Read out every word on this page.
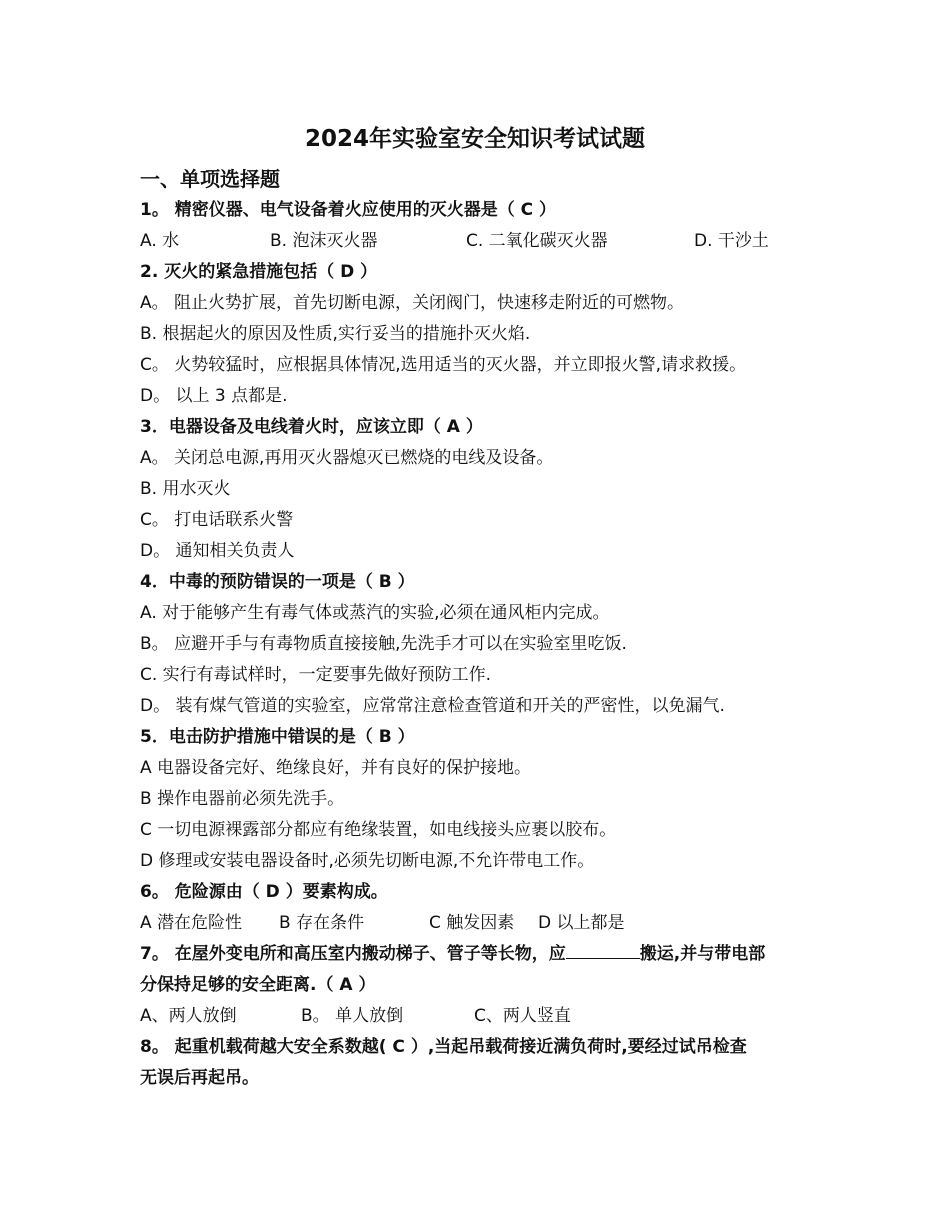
2024年实验室安全知识考试试题
一、单项选择题
1。 精密仪器、电气设备着火应使用的灭火器是（ C ）
A. 水	B. 泡沫灭火器	C. 二氧化碳灭火器	D. 干沙土
2. 灭火的紧急措施包括（ D ）
A。 阻止火势扩展，首先切断电源，关闭阀门，快速移走附近的可燃物。
B. 根据起火的原因及性质,实行妥当的措施扑灭火焰.
C。 火势较猛时，应根据具体情况,选用适当的灭火器，并立即报火警,请求救援。
D。 以上 3 点都是.
3．电器设备及电线着火时，应该立即（ A ）
A。 关闭总电源,再用灭火器熄灭已燃烧的电线及设备。
B. 用水灭火
C。 打电话联系火警
D。 通知相关负责人
4．中毒的预防错误的一项是（ B ）
A. 对于能够产生有毒气体或蒸汽的实验,必须在通风柜内完成。
B。 应避开手与有毒物质直接接触,先洗手才可以在实验室里吃饭.
C. 实行有毒试样时，一定要事先做好预防工作.
D。 装有煤气管道的实验室，应常常注意检查管道和开关的严密性，以免漏气.
5．电击防护措施中错误的是（ B ）
A 电器设备完好、绝缘良好，并有良好的保护接地。
B 操作电器前必须先洗手。
C 一切电源裸露部分都应有绝缘装置，如电线接头应裹以胶布。
D 修理或安装电器设备时,必须先切断电源,不允许带电工作。
6。 危险源由（ D ）要素构成。
A 潜在危险性	B 存在条件	C 触发因素	D 以上都是
7。 在屋外变电所和高压室内搬动梯子、管子等长物，应	搬运,并与带电部
分保持足够的安全距离.（ A ）
A、两人放倒	B。 单人放倒	C、两人竖直
8。 起重机载荷越大安全系数越( C ）,当起吊载荷接近满负荷时,要经过试吊检查
无误后再起吊。
